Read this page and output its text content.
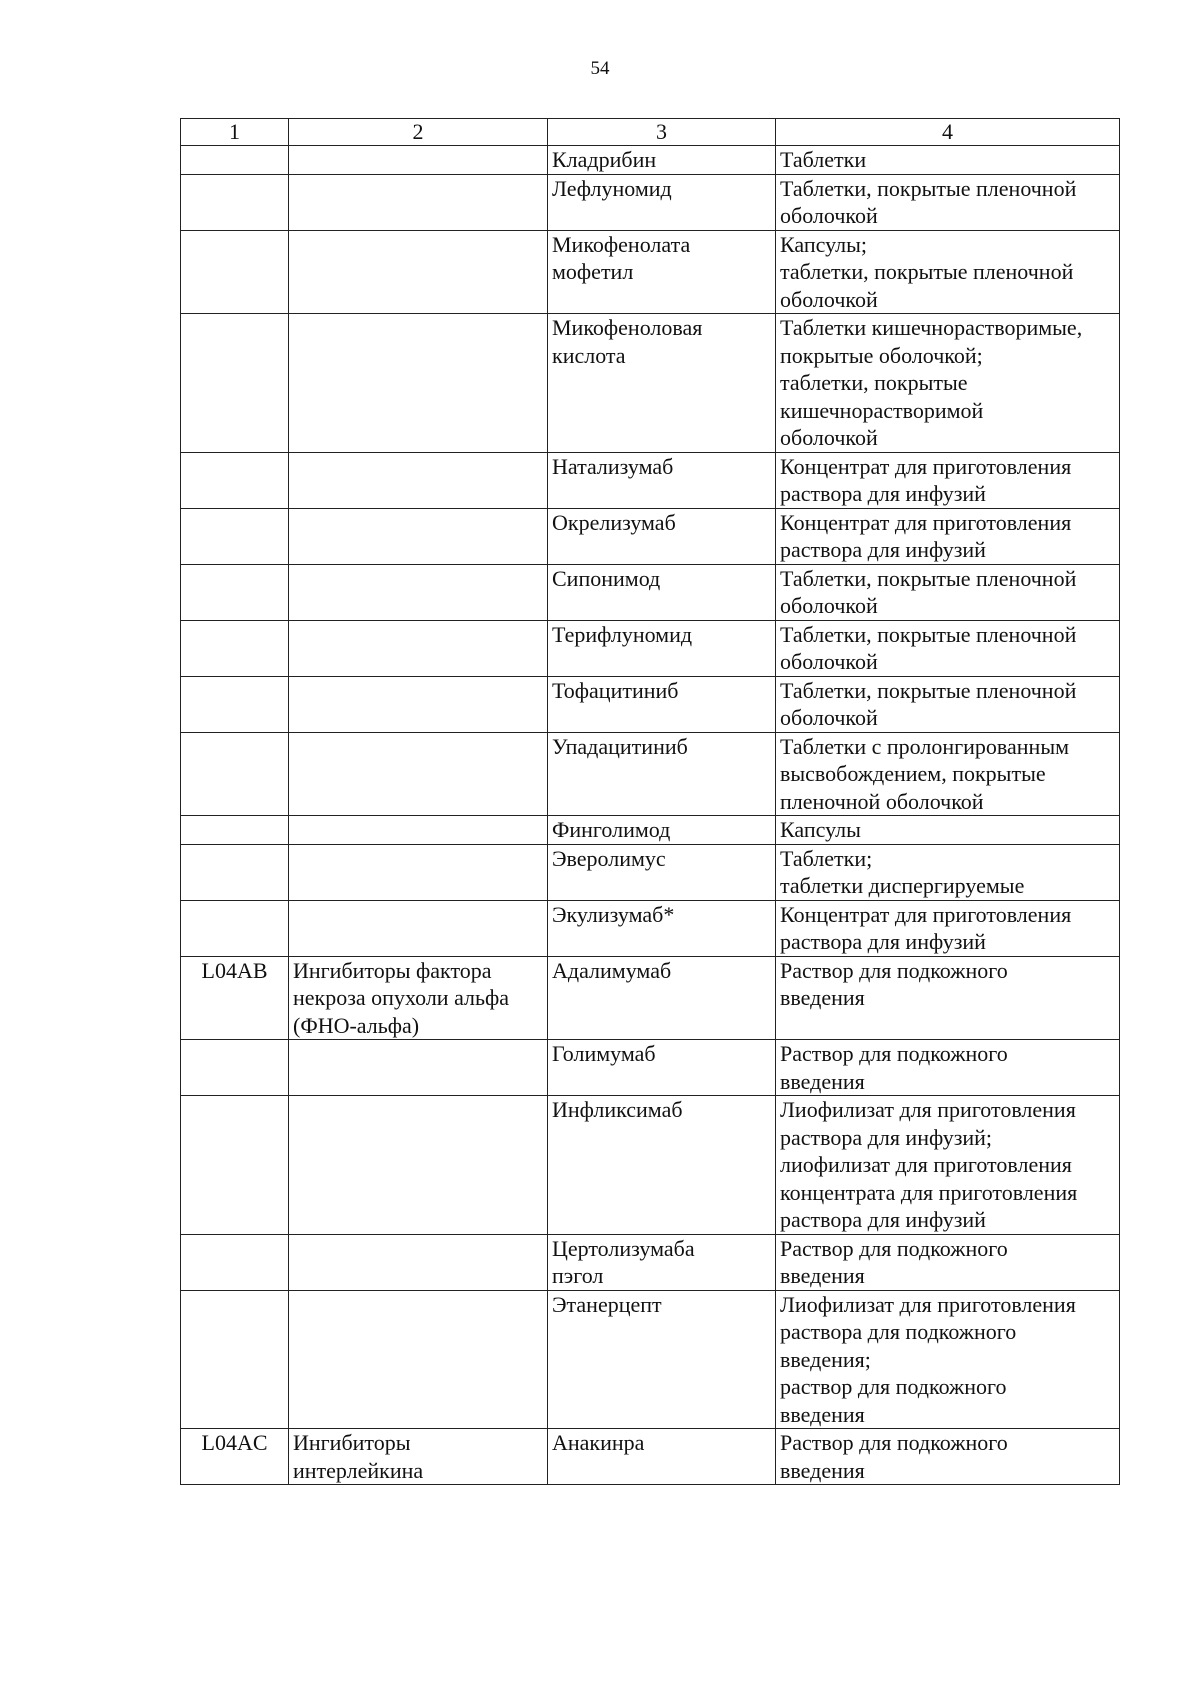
54
1	2	3	4

		Кладрибин	Таблетки

		Лефлуномид	Таблетки, покрытые пленочной
оболочкой

		Микофенолата
мофетил	Капсулы;
таблетки, покрытые пленочной
оболочкой

		Микофеноловая
кислота	Таблетки кишечнорастворимые,
покрытые оболочкой;
таблетки, покрытые
кишечнорастворимой
оболочкой

		Натализумаб	Концентрат для приготовления
раствора для инфузий

		Окрелизумаб	Концентрат для приготовления
раствора для инфузий

		Сипонимод	Таблетки, покрытые пленочной
оболочкой

		Терифлуномид	Таблетки, покрытые пленочной
оболочкой

		Тофацитиниб	Таблетки, покрытые пленочной
оболочкой

		Упадацитиниб	Таблетки с пролонгированным
высвобождением, покрытые
пленочной оболочкой

		Финголимод	Капсулы

		Эверолимус	Таблетки;
таблетки диспергируемые

		Экулизумаб*	Концентрат для приготовления
раствора для инфузий

L04AB	Ингибиторы фактора
некроза опухоли альфа
(ФНО-альфа)	Адалимумаб	Раствор для подкожного
введения

		Голимумаб	Раствор для подкожного
введения

		Инфликсимаб	Лиофилизат для приготовления
раствора для инфузий;
лиофилизат для приготовления
концентрата для приготовления
раствора для инфузий

		Цертолизумаба
пэгол	Раствор для подкожного
введения

		Этанерцепт	Лиофилизат для приготовления
раствора для подкожного
введения;
раствор для подкожного
введения

L04AC	Ингибиторы
интерлейкина	Анакинра	Раствор для подкожного
введения
